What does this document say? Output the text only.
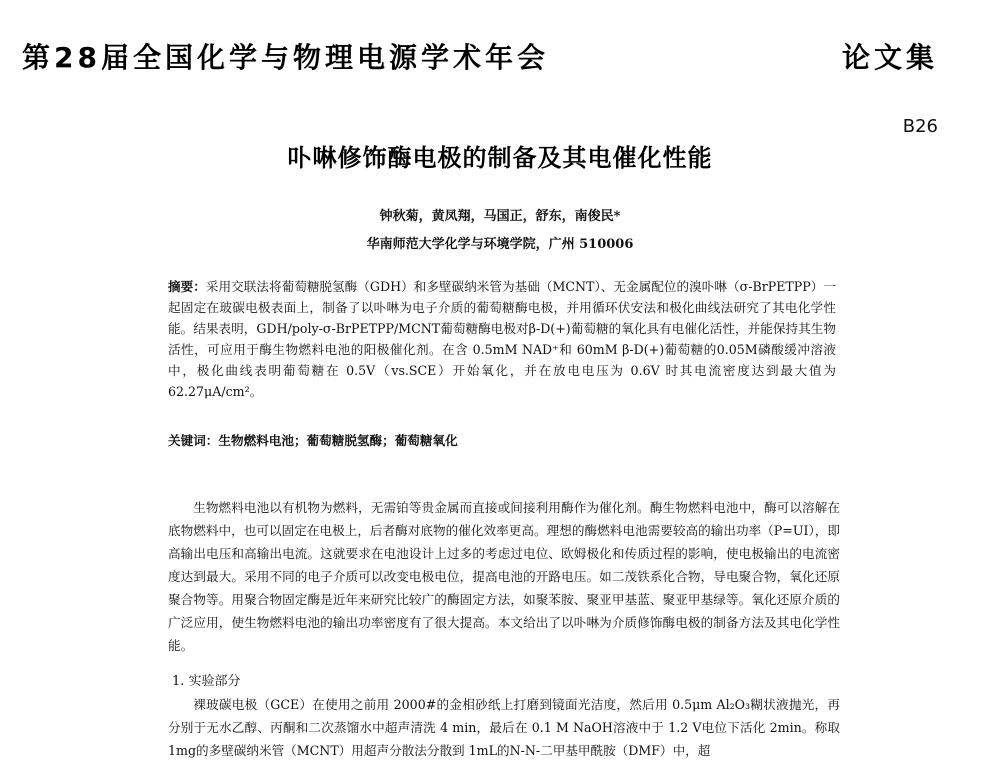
第28届全国化学与物理电源学术年会	论文集
B26
卟啉修饰酶电极的制备及其电催化性能
钟秋菊，黄凤翔，马国正，舒东，南俊民*
华南师范大学化学与环境学院，广州 510006
摘要：采用交联法将葡萄糖脱氢酶（GDH）和多壁碳纳米管为基础（MCNT）、无金属配位的溴卟啉（σ-BrPETPP）一起固定在玻碳电极表面上，制备了以卟啉为电子介质的葡萄糖酶电极，并用循环伏安法和极化曲线法研究了其电化学性能。结果表明，GDH/poly-σ-BrPETPP/MCNT葡萄糖酶电极对β-D(+)葡萄糖的氧化具有电催化活性，并能保持其生物活性，可应用于酶生物燃料电池的阳极催化剂。在含 0.5mM NAD⁺和 60mM β-D(+)葡萄糖的0.05M磷酸缓冲溶液中，极化曲线表明葡萄糖在 0.5V（vs.SCE）开始氧化，并在放电电压为 0.6V 时其电流密度达到最大值为 62.27μA/cm²。
关键词：生物燃料电池；葡萄糖脱氢酶；葡萄糖氧化
生物燃料电池以有机物为燃料，无需铂等贵金属而直接或间接利用酶作为催化剂。酶生物燃料电池中，酶可以溶解在底物燃料中，也可以固定在电极上，后者酶对底物的催化效率更高。理想的酶燃料电池需要较高的输出功率（P=UI），即高输出电压和高输出电流。这就要求在电池设计上过多的考虑过电位、欧姆极化和传质过程的影响，使电极输出的电流密度达到最大。采用不同的电子介质可以改变电极电位，提高电池的开路电压。如二茂铁系化合物，导电聚合物，氧化还原聚合物等。用聚合物固定酶是近年来研究比较广的酶固定方法，如聚苯胺、聚亚甲基蓝、聚亚甲基绿等。氧化还原介质的广泛应用，使生物燃料电池的输出功率密度有了很大提高。本文给出了以卟啉为介质修饰酶电极的制备方法及其电化学性能。
1. 实验部分
裸玻碳电极（GCE）在使用之前用 2000#的金相砂纸上打磨到镜面光洁度，然后用 0.5μm Al₂O₃糊状液抛光，再分别于无水乙醇、丙酮和二次蒸馏水中超声清洗 4 min，最后在 0.1 M NaOH溶液中于 1.2 V电位下活化 2min。称取 1mg的多壁碳纳米管（MCNT）用超声分散法分散到 1mL的N-N-二甲基甲酰胺（DMF）中，超
